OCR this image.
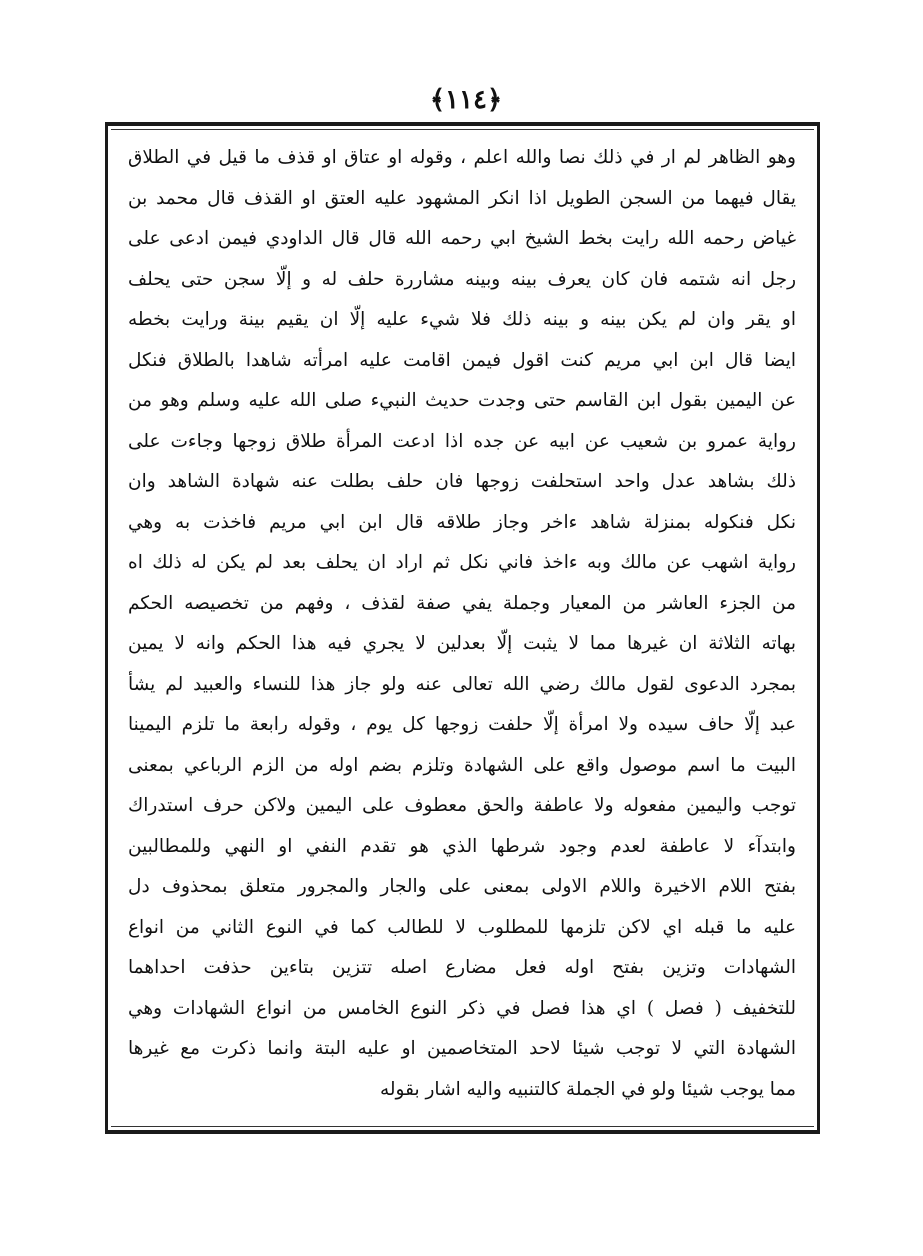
﴾١١٤﴿
وهو الظاهر لم ار في ذلك نصا والله اعلم ، وقوله او عتاق او قذف ما قيل في الطلاق
يقال فيهما من السجن الطويل اذا انكر المشهود عليه العتق او القذف قال محمد بن
غياض رحمه الله رايت بخط الشيخ ابي رحمه الله قال قال الداودي فيمن ادعى على
رجل انه شتمه فان كان يعرف بينه وبينه مشاررة حلف له و إلّا سجن حتى يحلف
او يقر وان لم يكن بينه و بينه ذلك فلا شيء عليه إلّا ان يقيم بينة ورايت بخطه
ايضا قال ابن ابي مريم كنت اقول فيمن اقامت عليه امرأته شاهدا بالطلاق فنكل
عن اليمين بقول ابن القاسم حتى وجدت حديث النبيء صلى الله عليه وسلم وهو من
رواية عمرو بن شعيب عن ابيه عن جده اذا ادعت المرأة طلاق زوجها وجاءت على
ذلك بشاهد عدل واحد استحلفت زوجها فان حلف بطلت عنه شهادة الشاهد وان
نكل فنكوله بمنزلة شاهد ءاخر وجاز طلاقه قال ابن ابي مريم فاخذت به وهي
رواية اشهب عن مالك وبه ءاخذ فاني نكل ثم اراد ان يحلف بعد لم يكن له ذلك اه
من الجزء العاشر من المعيار وجملة يفي صفة لقذف ، وفهم من تخصيصه الحكم
بهاته الثلاثة ان غيرها مما لا يثبت إلّا بعدلين لا يجري فيه هذا الحكم وانه لا يمين
بمجرد الدعوى لقول مالك رضي الله تعالى عنه ولو جاز هذا للنساء والعبيد لم يشأ
عبد إلّا حاف سيده ولا امرأة إلّا حلفت زوجها كل يوم ، وقوله رابعة ما تلزم اليمينا
البيت ما اسم موصول واقع على الشهادة وتلزم بضم اوله من الزم الرباعي بمعنى
توجب واليمين مفعوله ولا عاطفة والحق معطوف على اليمين ولاكن حرف استدراك
وابتدآء لا عاطفة لعدم وجود شرطها الذي هو تقدم النفي او النهي وللمطالبين
بفتح اللام الاخيرة واللام الاولى بمعنى على والجار والمجرور متعلق بمحذوف دل
عليه ما قبله اي لاكن تلزمها للمطلوب لا للطالب كما في النوع الثاني من انواع
الشهادات وتزين بفتح اوله فعل مضارع اصله تتزين بتاءين حذفت احداهما
للتخفيف ( فصل ) اي هذا فصل في ذكر النوع الخامس من انواع الشهادات وهي
الشهادة التي لا توجب شيئا لاحد المتخاصمين او عليه البتة وانما ذكرت مع غيرها
مما يوجب شيئا ولو في الجملة كالتنبيه واليه اشار بقوله
